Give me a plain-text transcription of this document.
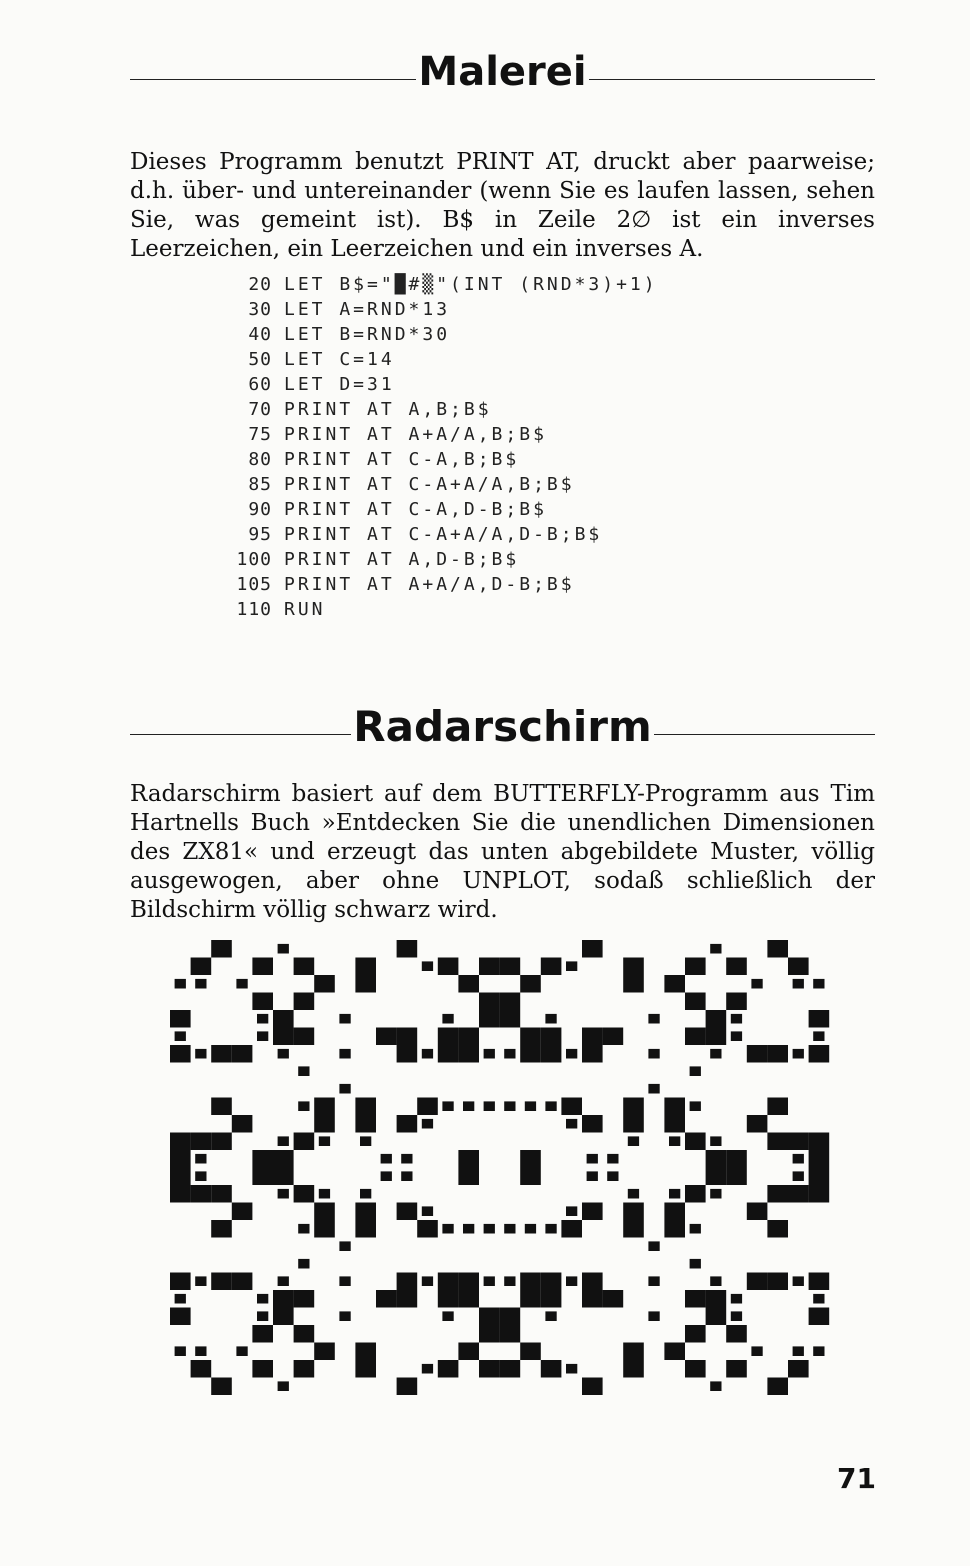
Malerei

Dieses Programm benutzt PRINT AT, druckt aber paarweise; d.h. über- und untereinander (wenn Sie es laufen lassen, sehen Sie, was gemeint ist). B$ in Zeile 2∅ ist ein inverses Leerzeichen, ein Leerzeichen und ein inverses A.

20 LET B$="█#▒"(INT (RND*3)+1)
30 LET A=RND*13
40 LET B=RND*30
50 LET C=14
60 LET D=31
70 PRINT AT A,B;B$
75 PRINT AT A+A/A,B;B$
80 PRINT AT C-A,B;B$
85 PRINT AT C-A+A/A,B;B$
90 PRINT AT C-A,D-B;B$
95 PRINT AT C-A+A/A,D-B;B$
100 PRINT AT A,D-B;B$
105 PRINT AT A+A/A,D-B;B$
110 RUN
Radarschirm

Radarschirm basiert auf dem BUTTERFLY-Programm aus Tim Hartnells Buch »Entdecken Sie die unendlichen Dimensionen des ZX81« und erzeugt das unten abgebildete Muster, völlig ausgewogen, aber ohne UNPLOT, sodaß schließlich der Bildschirm völlig schwarz wird.

71
